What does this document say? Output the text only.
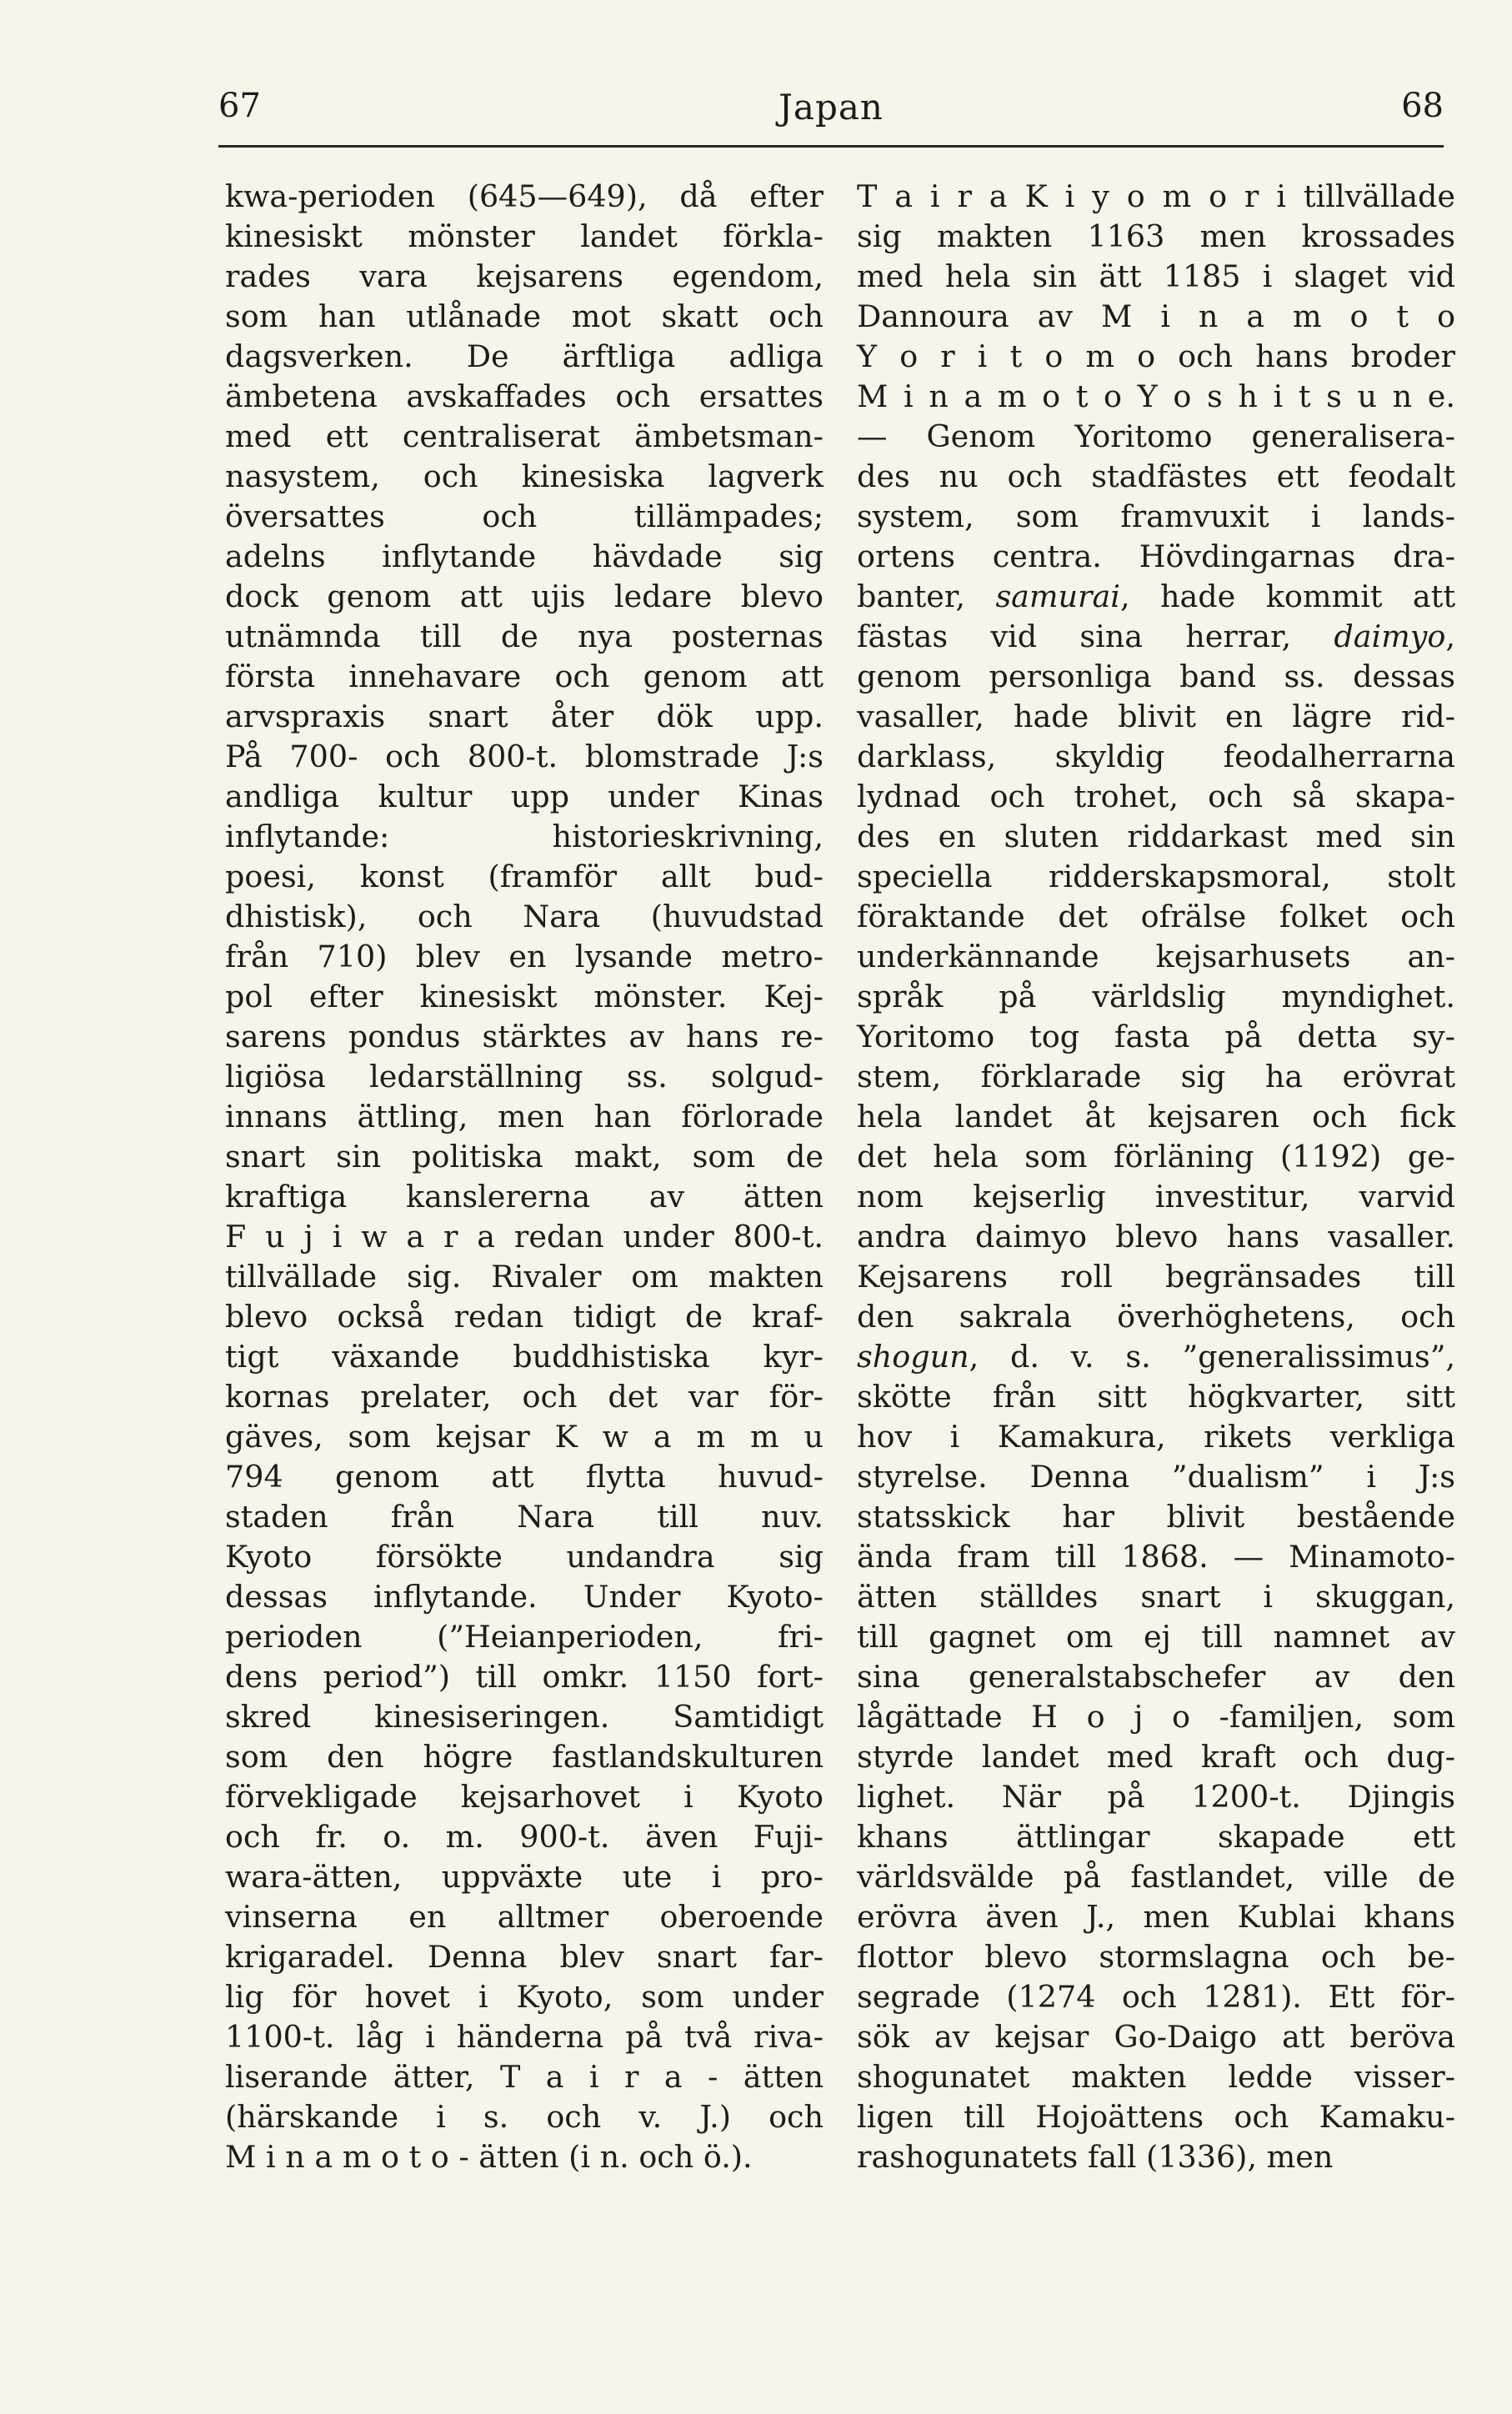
67	Japan	68
kwa-perioden (645—649), då efter
kinesiskt mönster landet förkla-
rades vara kejsarens egendom,
som han utlånade mot skatt och
dagsverken. De ärftliga adliga
ämbetena avskaffades och ersattes
med ett centraliserat ämbetsman-
nasystem, och kinesiska lagverk
översattes och tillämpades;
adelns inflytande hävdade sig
dock genom att ujis ledare blevo
utnämnda till de nya posternas
första innehavare och genom att
arvspraxis snart åter dök upp.
På 700- och 800-t. blomstrade J:s
andliga kultur upp under Kinas
inflytande: historieskrivning,
poesi, konst (framför allt bud-
dhistisk), och Nara (huvudstad
från 710) blev en lysande metro-
pol efter kinesiskt mönster. Kej-
sarens pondus stärktes av hans re-
ligiösa ledarställning ss. solgud-
innans ättling, men han förlorade
snart sin politiska makt, som de
kraftiga kanslererna av ätten
F u j i w a r a redan under 800-t.
tillvällade sig. Rivaler om makten
blevo också redan tidigt de kraf-
tigt växande buddhistiska kyr-
kornas prelater, och det var för-
gäves, som kejsar K w a m m u
794 genom att flytta huvud-
staden från Nara till nuv.
Kyoto försökte undandra sig
dessas inflytande. Under Kyoto-
perioden (”Heianperioden, fri-
dens period”) till omkr. 1150 fort-
skred kinesiseringen. Samtidigt
som den högre fastlandskulturen
förvekligade kejsarhovet i Kyoto
och fr. o. m. 900-t. även Fuji-
wara-ätten, uppväxte ute i pro-
vinserna en alltmer oberoende
krigaradel. Denna blev snart far-
lig för hovet i Kyoto, som under
1100-t. låg i händerna på två riva-
liserande ätter, T a i r a - ätten
(härskande i s. och v. J.) och
M i n a m o t o - ätten (i n. och ö.).
T a i r a K i y o m o r i tillvällade
sig makten 1163 men krossades
med hela sin ätt 1185 i slaget vid
Dannoura av M i n a m o t o
Y o r i t o m o och hans broder
M i n a m o t o Y o s h i t s u n e.
— Genom Yoritomo generalisera-
des nu och stadfästes ett feodalt
system, som framvuxit i lands-
ortens centra. Hövdingarnas dra-
banter, samurai, hade kommit att
fästas vid sina herrar, daimyo,
genom personliga band ss. dessas
vasaller, hade blivit en lägre rid-
darklass, skyldig feodalherrarna
lydnad och trohet, och så skapa-
des en sluten riddarkast med sin
speciella ridderskapsmoral, stolt
föraktande det ofrälse folket och
underkännande kejsarhusets an-
språk på världslig myndighet.
Yoritomo tog fasta på detta sy-
stem, förklarade sig ha erövrat
hela landet åt kejsaren och fick
det hela som förläning (1192) ge-
nom kejserlig investitur, varvid
andra daimyo blevo hans vasaller.
Kejsarens roll begränsades till
den sakrala överhöghetens, och
shogun, d. v. s. ”generalissimus”,
skötte från sitt högkvarter, sitt
hov i Kamakura, rikets verkliga
styrelse. Denna ”dualism” i J:s
statsskick har blivit bestående
ända fram till 1868. — Minamoto-
ätten ställdes snart i skuggan,
till gagnet om ej till namnet av
sina generalstabschefer av den
lågättade H o j o -familjen, som
styrde landet med kraft och dug-
lighet. När på 1200-t. Djingis
khans ättlingar skapade ett
världsvälde på fastlandet, ville de
erövra även J., men Kublai khans
flottor blevo stormslagna och be-
segrade (1274 och 1281). Ett för-
sök av kejsar Go-Daigo att beröva
shogunatet makten ledde visser-
ligen till Hojoättens och Kamaku-
rashogunatets fall (1336), men
